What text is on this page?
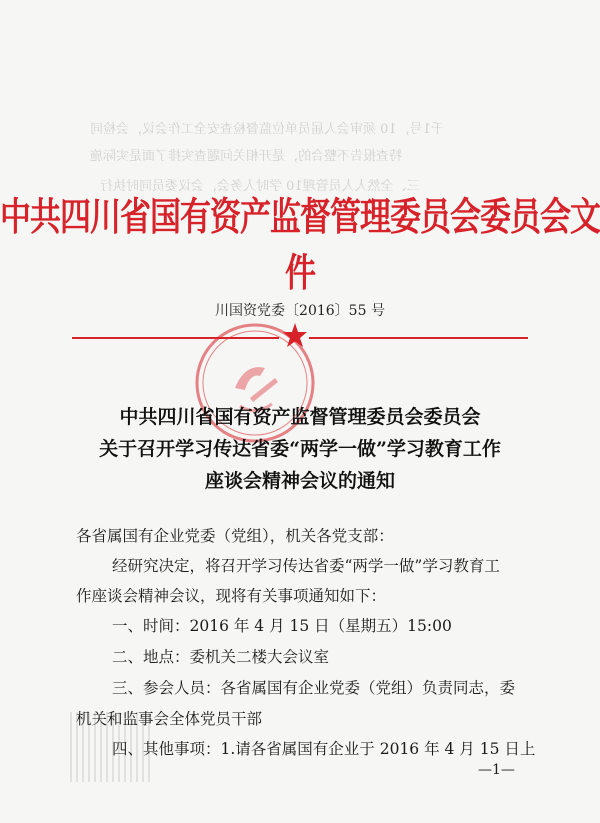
千1号，10 须审会人届员单位监督检查安全工作会议，会检同
特查报告不整合的，是开相关问题查实排了面是实际施
三、全然人人员管理10 学时人务会，会议委员同时执行
中共四川省国有资产监督管理委员会委员会文件
川国资党委〔2016〕55 号
中共四川省国有资产监督管理委员会委员会
关于召开学习传达省委“两学一做”学习教育工作
座谈会精神会议的通知
各省属国有企业党委（党组），机关各党支部：
经研究决定，将召开学习传达省委“两学一做”学习教育工
作座谈会精神会议，现将有关事项通知如下：
一、时间：2016 年 4 月 15 日（星期五）15:00
二、地点：委机关二楼大会议室
三、参会人员：各省属国有企业党委（党组）负责同志，委
机关和监事会全体党员干部
四、其他事项：1.请各省属国有企业于 2016 年 4 月 15 日上
—1—
